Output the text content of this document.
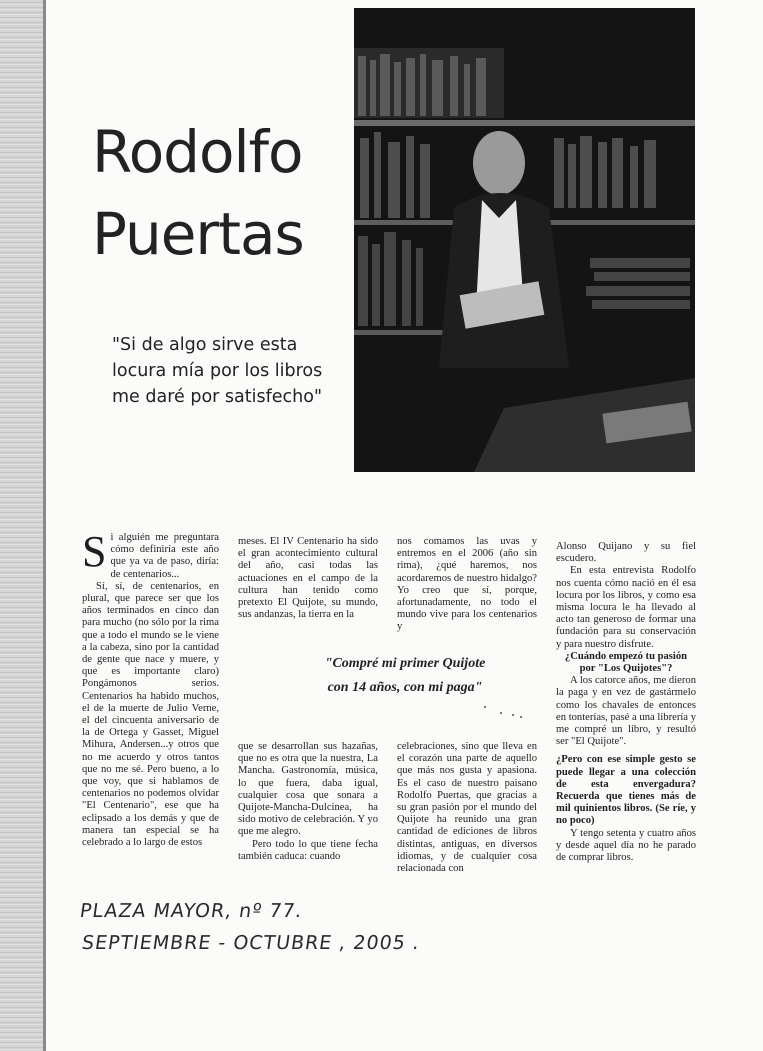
Rodolfo
Puertas
"Si de algo sirve esta locura mía por los libros me daré por satisfecho"

Si alguién me preguntara cómo definiría este año que ya va de paso, diría: de centenarios...

Sí, sí, de centenarios, en plural, que parece ser que los años terminados en cinco dan para mucho (no sólo por la rima que a todo el mundo se le viene a la cabeza, sino por la cantidad de gente que nace y muere, y que es importante claro) Pongámonos serios. Centenarios ha habido muchos, el de la muerte de Julio Verne, el del cincuenta aniversario de la de Ortega y Gasset, Miguel Mihura, Andersen...y otros que no me acuerdo y otros tantos que no me sé. Pero bueno, a lo que voy, que si hablamos de centenarios no podemos olvidar "El Centenario", ese que ha eclipsado a los demás y que de manera tan especial se ha celebrado a lo largo de estos

meses. El IV Centenario ha sido el gran acontecimiento cultural del año, casi todas las actuaciones en el campo de la cultura han tenido como pretexto El Quijote, su mundo, sus andanzas, la tierra en la
nos comamos las uvas y entremos en el 2006 (año sin rima), ¿qué haremos, nos acordaremos de nuestro hidalgo? Yo creo que sí, porque, afortunadamente, no todo el mundo vive para los centenarios y
"Compré mi primer Quijote
con 14 años, con mi paga"

que se desarrollan sus hazañas, que no es otra que la nuestra, La Mancha. Gastronomía, música, lo que fuera, daba igual, cualquier cosa que sonara a Quijote-Mancha-Dulcinea, ha sido motivo de celebración. Y yo que me alegro.

Pero todo lo que tiene fecha también caduca: cuando

celebraciones, sino que lleva en el corazón una parte de aquello que más nos gusta y apasiona. Es el caso de nuestro paisano Rodolfo Puertas, que gracias a su gran pasión por el mundo del Quijote ha reunido una gran cantidad de ediciones de libros distintas, antiguas, en diversos idiomas, y de cualquier cosa relacionada con

Alonso Quijano y su fiel escudero.

En esta entrevista Rodolfo nos cuenta cómo nació en él esa locura por los libros, y como esa misma locura le ha llevado al acto tan generoso de formar una fundación para su conservación y para nuestro disfrute.

¿Cuándo empezó tu pasión por "Los Quijotes"?

A los catorce años, me dieron la paga y en vez de gastármelo como los chavales de entonces en tonterías, pasé a una librería y me compré un libro, y resultó ser "El Quijote".

¿Pero con ese simple gesto se puede llegar a una colección de esta envergadura? Recuerda que tienes más de mil quinientos libros. (Se ríe, y no poco)

Y tengo setenta y cuatro años y desde aquel día no he parado de comprar libros.

PLAZA MAYOR, nº 77.
SEPTIEMBRE - OCTUBRE , 2005 .
